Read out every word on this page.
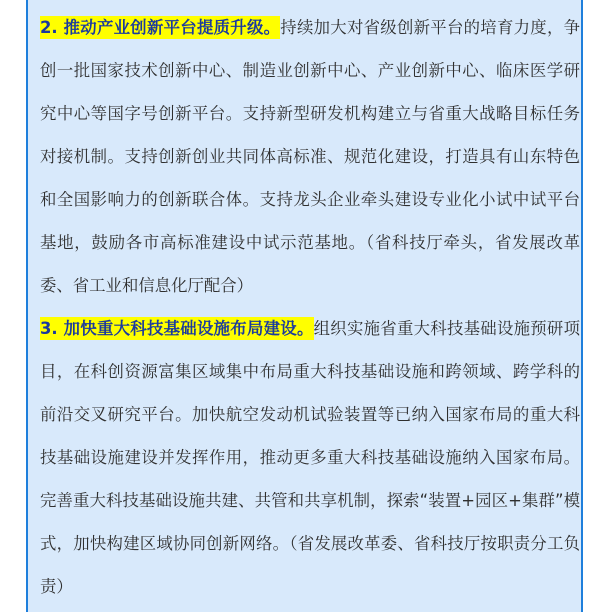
2. 推动产业创新平台提质升级。持续加大对省级创新平台的培育力度，争创一批国家技术创新中心、制造业创新中心、产业创新中心、临床医学研究中心等国字号创新平台。支持新型研发机构建立与省重大战略目标任务对接机制。支持创新创业共同体高标准、规范化建设，打造具有山东特色和全国影响力的创新联合体。支持龙头企业牵头建设专业化小试中试平台基地，鼓励各市高标准建设中试示范基地。（省科技厅牵头，省发展改革委、省工业和信息化厅配合）

3. 加快重大科技基础设施布局建设。组织实施省重大科技基础设施预研项目，在科创资源富集区域集中布局重大科技基础设施和跨领域、跨学科的前沿交叉研究平台。加快航空发动机试验装置等已纳入国家布局的重大科技基础设施建设并发挥作用，推动更多重大科技基础设施纳入国家布局。完善重大科技基础设施共建、共管和共享机制，探索“装置+园区+集群”模式，加快构建区域协同创新网络。（省发展改革委、省科技厅按职责分工负责）
